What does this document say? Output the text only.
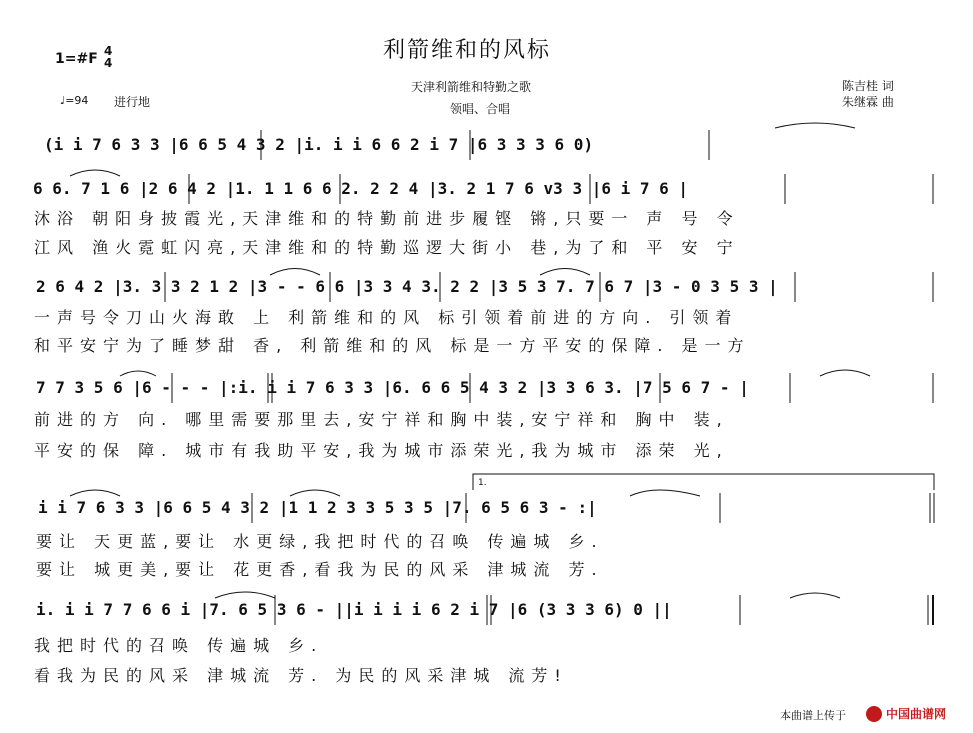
利箭维和的风标
1=#F 4
4
♩=94 进行地
天津利箭维和特勤之歌
领唱、合唱
陈吉桂 词
朱继霖 曲
(i i 7 6 3 3 |6 6 5 4 3 2 |i. i i 6 6 2 i 7 |6 3 3 3 6 0)
6 6. 7 1 6 |2 6 4 2 |1. 1 1 6 6 2. 2 2 4 |3. 2 1 7 6 v3 3 |6 i 7 6 |
沐浴 朝阳身披霞光,天津维和的特勤前进步履铿 锵,只要一 声 号 令
江风 渔火霓虹闪亮,天津维和的特勤巡逻大街小 巷,为了和 平 安 宁
2 6 4 2 |3. 3 3 2 1 2 |3 - - 6 6 |3 3 4 3. 2 2 |3 5 3 7. 7 6 7 |3 - 0 3 5 3 |
一声号令刀山火海敢 上 利箭维和的风 标引领着前进的方向. 引领着
和平安宁为了睡梦甜 香, 利箭维和的风 标是一方平安的保障. 是一方
7 7 3 5 6 |6 - - - |:i. i i 7 6 3 3 |6. 6 6 5 4 3 2 |3 3 6 3. |7 5 6 7 - |
前进的方 向. 哪里需要那里去,安宁祥和胸中装,安宁祥和 胸中 装,
平安的保 障. 城市有我助平安,我为城市添荣光,我为城市 添荣 光,
1.
i i 7 6 3 3 |6 6 5 4 3 2 |1 1 2 3 3 5 3 5 |7. 6 5 6 3 - :|
要让 天更蓝,要让 水更绿,我把时代的召唤 传遍城 乡.
要让 城更美,要让 花更香,看我为民的风采 津城流 芳.
i. i i 7 7 6 6 i |7. 6 5 3 6 - ||i i i i 6 2 i 7 |6 (3 3 3 6) 0 ||
我把时代的召唤 传遍城 乡.
看我为民的风采 津城流 芳. 为民的风采津城 流芳!
本曲谱上传于	中国曲谱网
